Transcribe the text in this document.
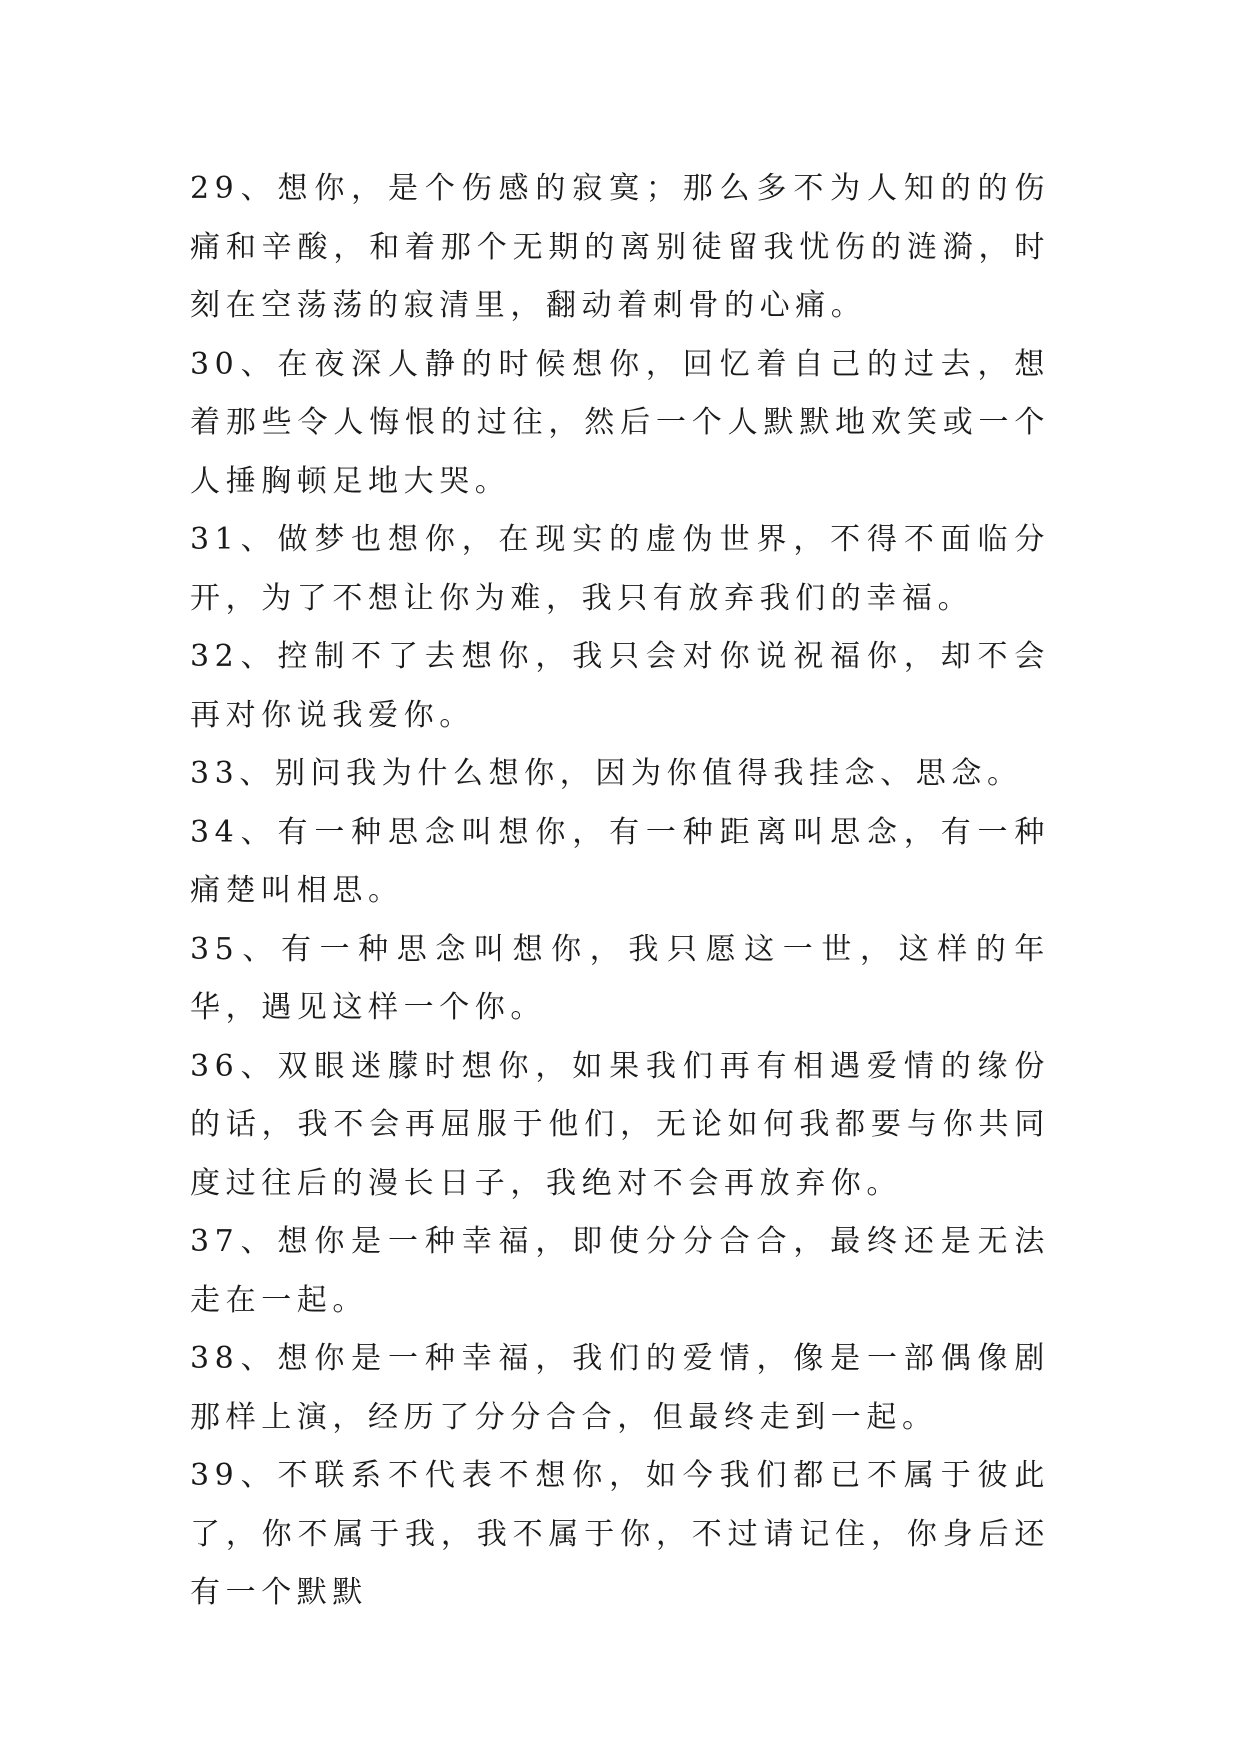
29、想你，是个伤感的寂寞；那么多不为人知的的伤痛和辛酸，和着那个无期的离别徒留我忧伤的涟漪，时刻在空荡荡的寂清里，翻动着刺骨的心痛。

30、在夜深人静的时候想你，回忆着自己的过去，想着那些令人悔恨的过往，然后一个人默默地欢笑或一个人捶胸顿足地大哭。

31、做梦也想你，在现实的虚伪世界，不得不面临分开，为了不想让你为难，我只有放弃我们的幸福。

32、控制不了去想你，我只会对你说祝福你，却不会再对你说我爱你。

33、别问我为什么想你，因为你值得我挂念、思念。

34、有一种思念叫想你，有一种距离叫思念，有一种痛楚叫相思。

35、有一种思念叫想你，我只愿这一世，这样的年华，遇见这样一个你。

36、双眼迷朦时想你，如果我们再有相遇爱情的缘份的话，我不会再屈服于他们，无论如何我都要与你共同度过往后的漫长日子，我绝对不会再放弃你。

37、想你是一种幸福，即使分分合合，最终还是无法走在一起。

38、想你是一种幸福，我们的爱情，像是一部偶像剧那样上演，经历了分分合合，但最终走到一起。

39、不联系不代表不想你，如今我们都已不属于彼此了，你不属于我，我不属于你，不过请记住，你身后还有一个默默
